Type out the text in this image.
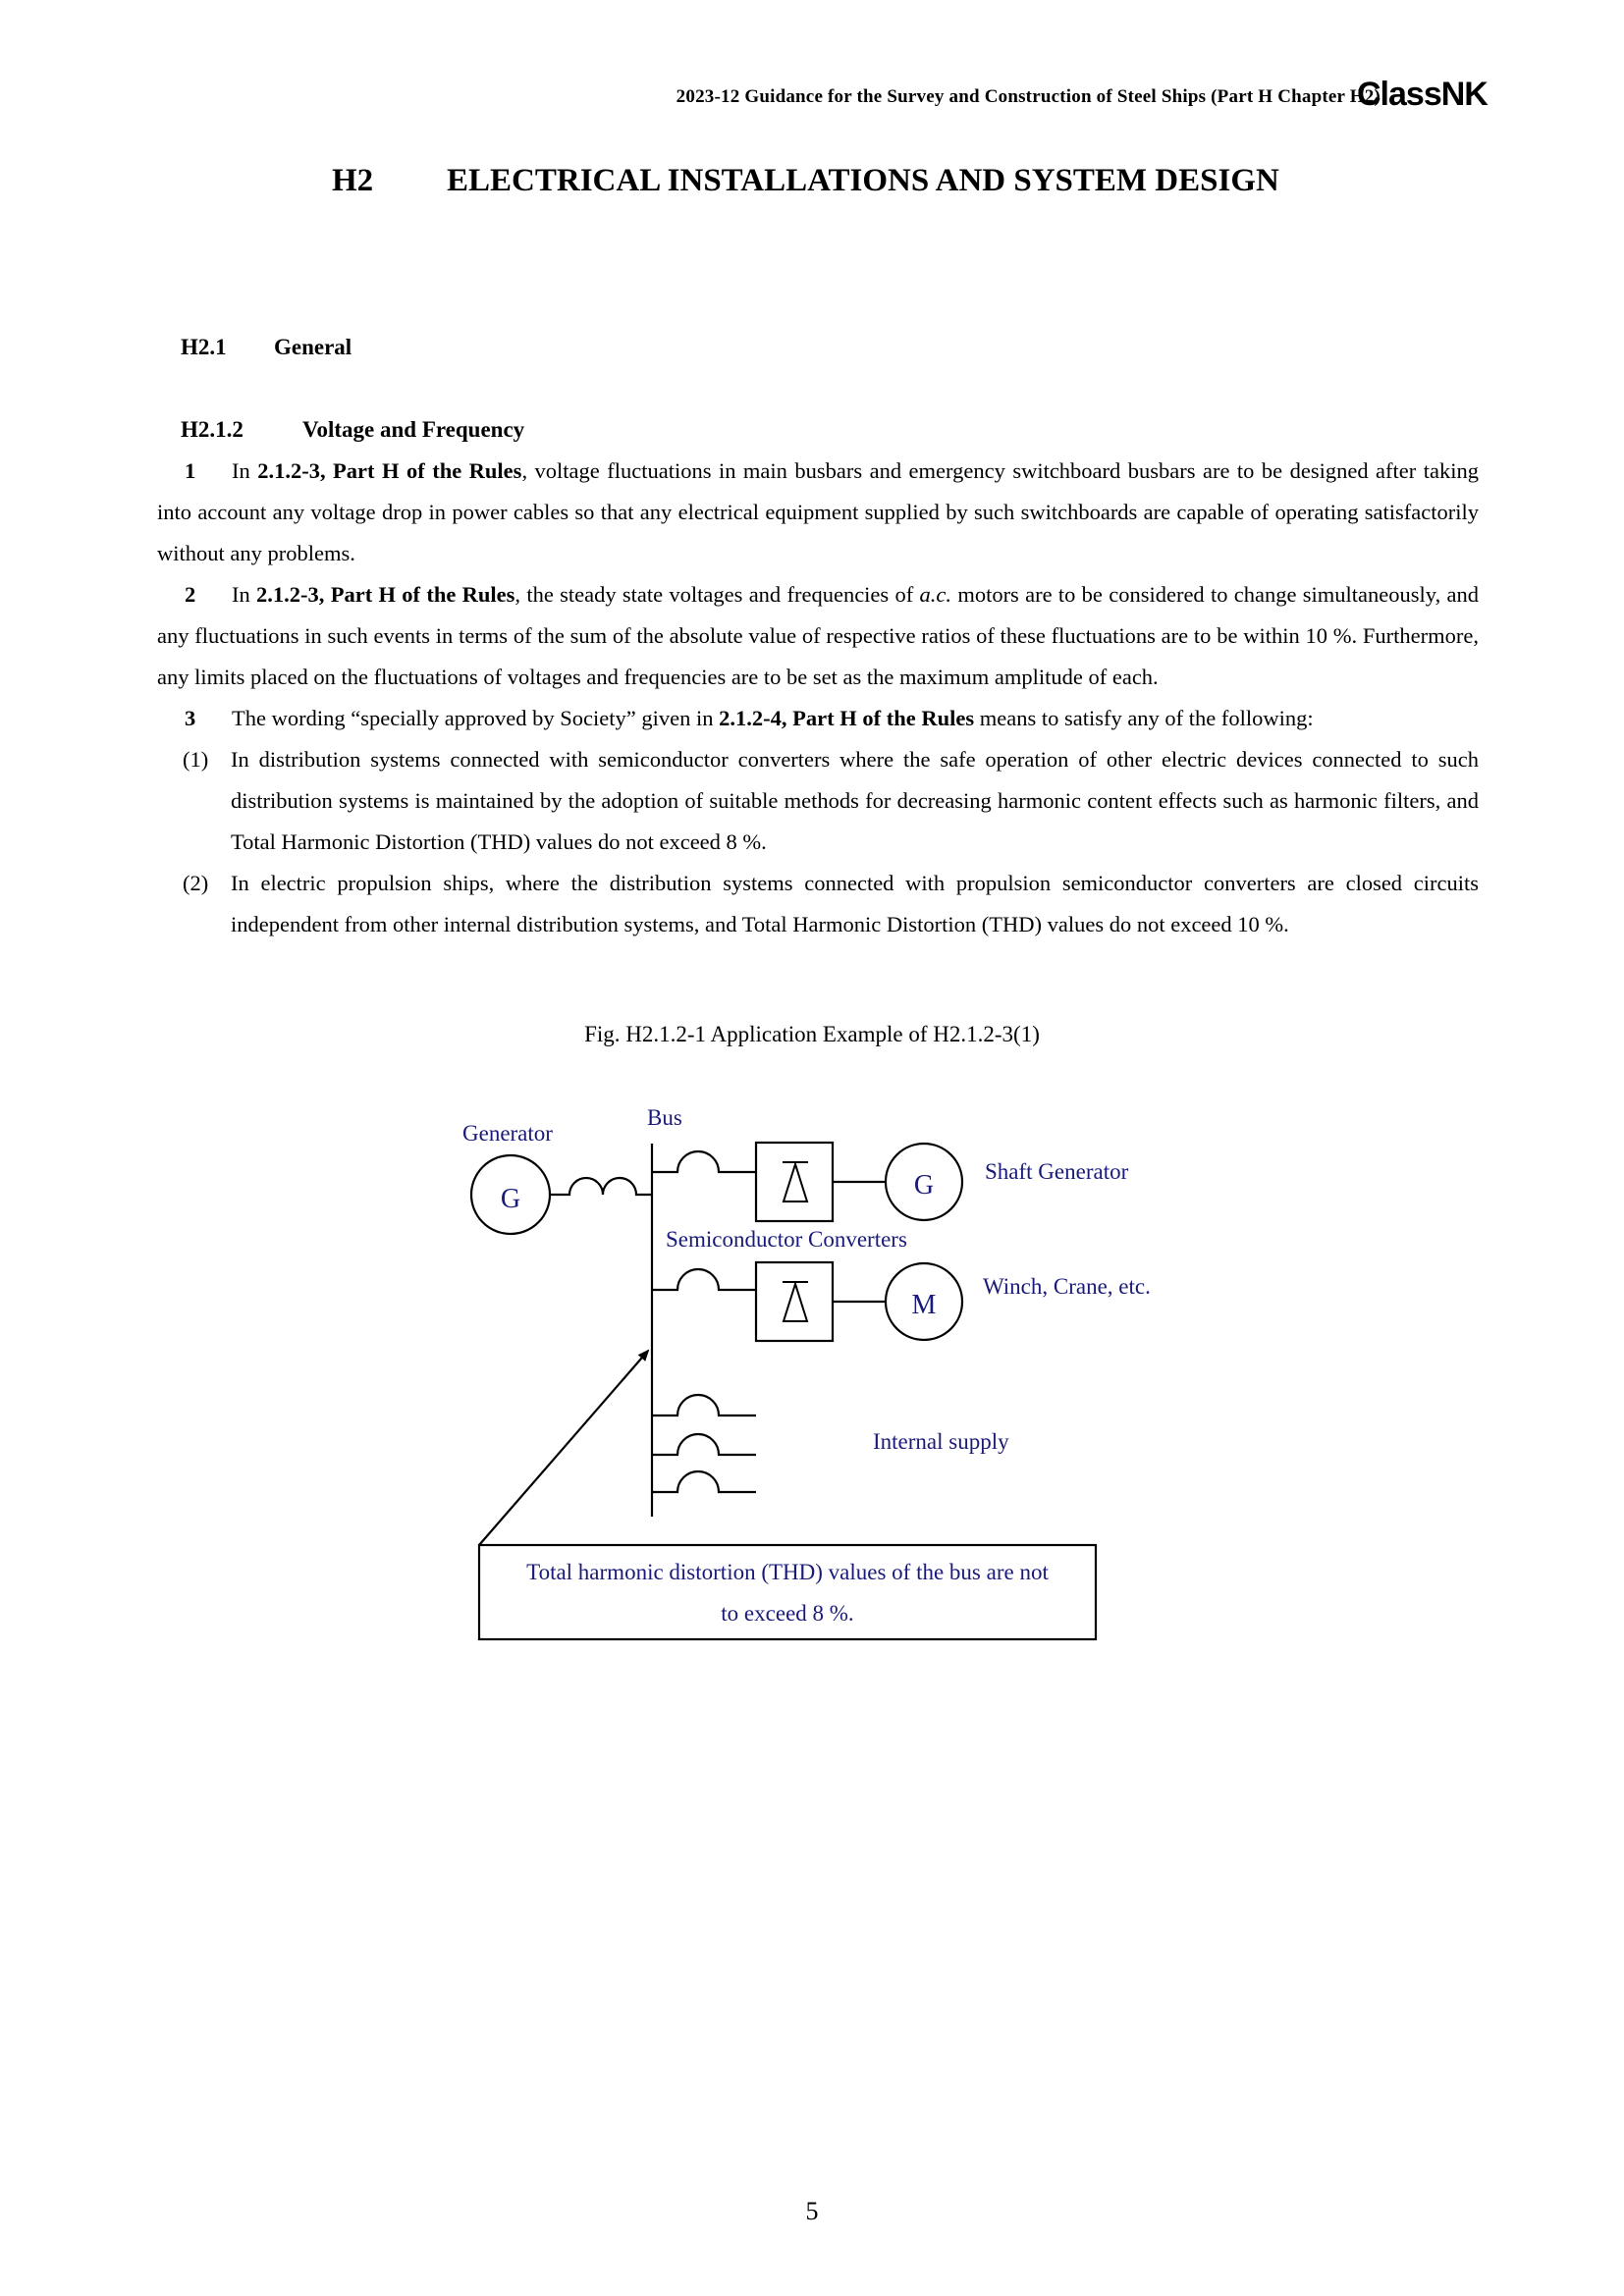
2023-12 Guidance for the Survey and Construction of Steel Ships (Part H Chapter H2)
ClassNK
H2 ELECTRICAL INSTALLATIONS AND SYSTEM DESIGN
H2.1 General
H2.1.2	Voltage and Frequency

1 In 2.1.2-3, Part H of the Rules, voltage fluctuations in main busbars and emergency switchboard busbars are to be designed after taking into account any voltage drop in power cables so that any electrical equipment supplied by such switchboards are capable of operating satisfactorily without any problems.

2 In 2.1.2-3, Part H of the Rules, the steady state voltages and frequencies of a.c. motors are to be considered to change simultaneously, and any fluctuations in such events in terms of the sum of the absolute value of respective ratios of these fluctuations are to be within 10 %. Furthermore, any limits placed on the fluctuations of voltages and frequencies are to be set as the maximum amplitude of each.

3 The wording “specially approved by Society” given in 2.1.2-4, Part H of the Rules means to satisfy any of the following:

(1) In distribution systems connected with semiconductor converters where the safe operation of other electric devices connected to such distribution systems is maintained by the adoption of suitable methods for decreasing harmonic content effects such as harmonic filters, and Total Harmonic Distortion (THD) values do not exceed 8 %.
(2) In electric propulsion ships, where the distribution systems connected with propulsion semiconductor converters are closed circuits independent from other internal distribution systems, and Total Harmonic Distortion (THD) values do not exceed 10 %.
Fig. H2.1.2-1 Application Example of H2.1.2-3(1)
Generator
G
Bus
Shaft Generator
G
Semiconductor Converters
M
Winch, Crane, etc.
Internal supply
Total harmonic distortion (THD) values of the bus are not
to exceed 8 %.
5
